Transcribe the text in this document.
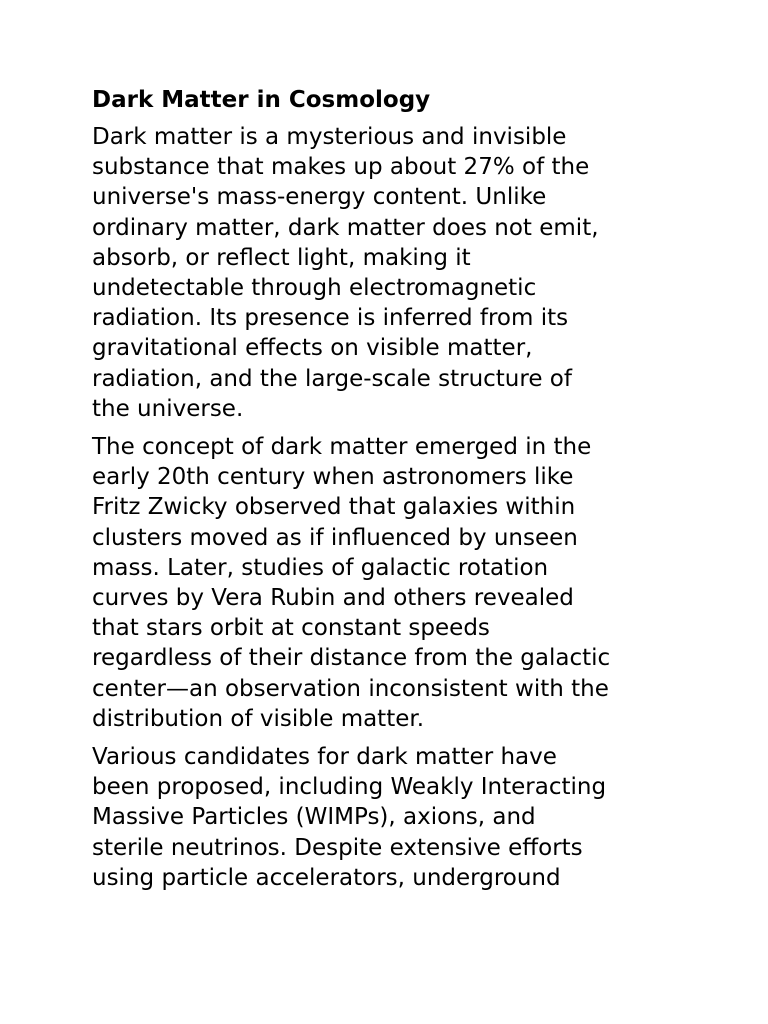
Dark Matter in Cosmology

Dark matter is a mysterious and invisible
substance that makes up about 27% of the
universe's mass-energy content. Unlike
ordinary matter, dark matter does not emit,
absorb, or reflect light, making it
undetectable through electromagnetic
radiation. Its presence is inferred from its
gravitational effects on visible matter,
radiation, and the large-scale structure of
the universe.

The concept of dark matter emerged in the
early 20th century when astronomers like
Fritz Zwicky observed that galaxies within
clusters moved as if influenced by unseen
mass. Later, studies of galactic rotation
curves by Vera Rubin and others revealed
that stars orbit at constant speeds
regardless of their distance from the galactic
center—an observation inconsistent with the
distribution of visible matter.

Various candidates for dark matter have
been proposed, including Weakly Interacting
Massive Particles (WIMPs), axions, and
sterile neutrinos. Despite extensive efforts
using particle accelerators, underground
